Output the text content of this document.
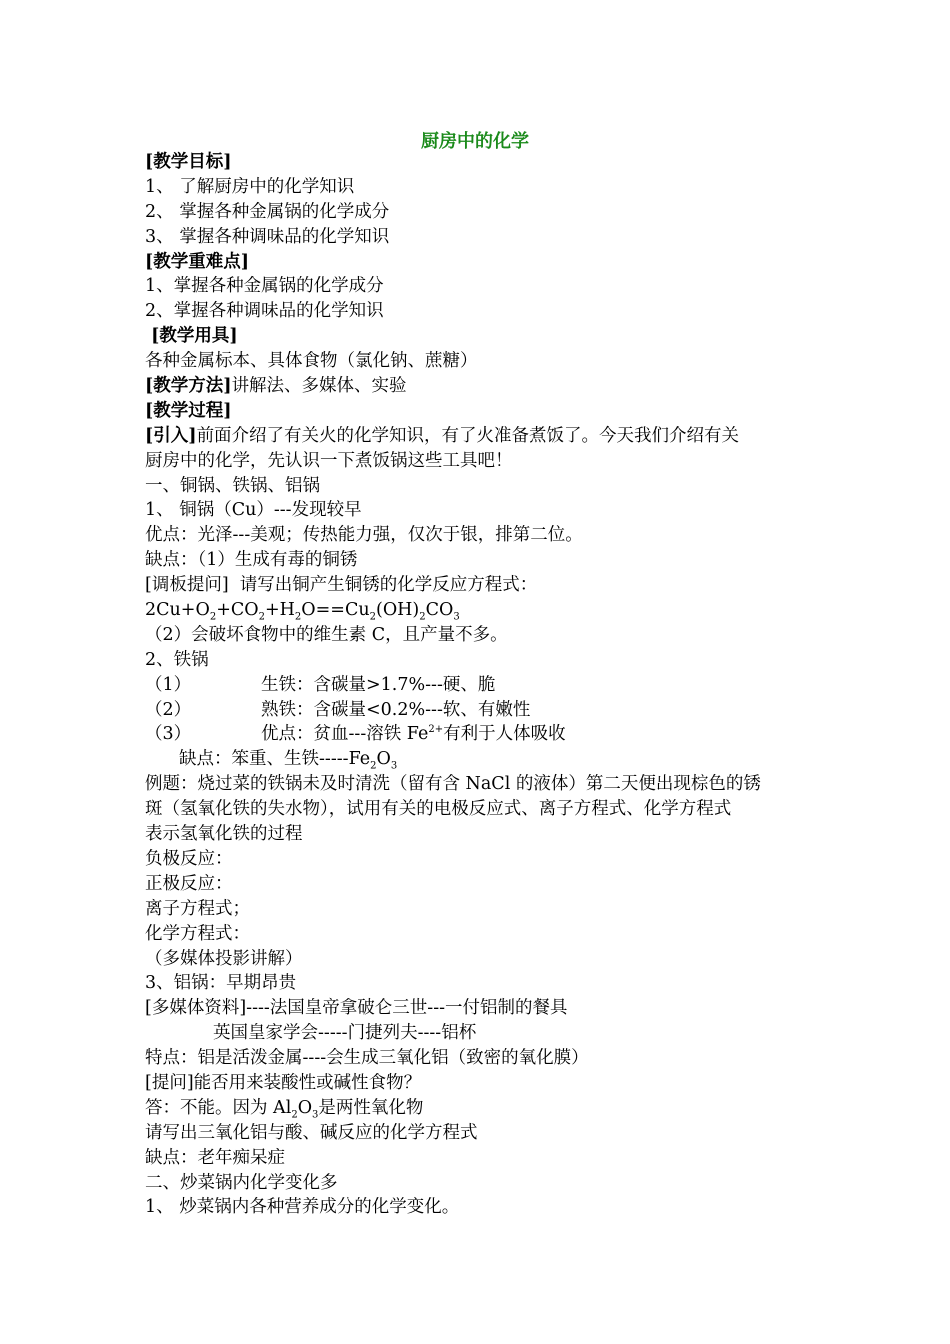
厨房中的化学
[教学目标]
1、 了解厨房中的化学知识
2、 掌握各种金属锅的化学成分
3、 掌握各种调味品的化学知识
[教学重难点]
1、掌握各种金属锅的化学成分
2、掌握各种调味品的化学知识
[教学用具]
各种金属标本、具体食物（氯化钠、蔗糖）
[教学方法]讲解法、多媒体、实验
[教学过程]
[引入]前面介绍了有关火的化学知识，有了火准备煮饭了。今天我们介绍有关
厨房中的化学，先认识一下煮饭锅这些工具吧！
一、铜锅、铁锅、铝锅
1、 铜锅（Cu）---发现较早
优点：光泽---美观；传热能力强，仅次于银，排第二位。
缺点：（1）生成有毒的铜锈
[调板提问]  请写出铜产生铜锈的化学反应方程式：
$2Cu+O_2+CO_2+H_2O==Cu_2(OH)_2CO_3$
（2）会破坏食物中的维生素 C，且产量不多。
2、铁锅
（1）	生铁：含碳量>1.7%---硬、脆
（2）	熟铁：含碳量<0.2%---软、有嫩性
（3）	优点：贫血---溶铁 $Fe^{2+}$有利于人体吸收
缺点：笨重、生铁$-----Fe_2O_3$
例题：烧过菜的铁锅未及时清洗（留有含 NaCl 的液体）第二天便出现棕色的锈
斑（氢氧化铁的失水物），试用有关的电极反应式、离子方程式、化学方程式
表示氢氧化铁的过程
负极反应：
正极反应：
离子方程式；
化学方程式：
（多媒体投影讲解）
3、铝锅：早期昂贵
[多媒体资料]----法国皇帝拿破仑三世---一付铝制的餐具
英国皇家学会-----门捷列夫----铝杯
特点：铝是活泼金属----会生成三氧化铝（致密的氧化膜）
[提问]能否用来装酸性或碱性食物？
答：不能。因为 $Al_2O_3$是两性氧化物
请写出三氧化铝与酸、碱反应的化学方程式
缺点：老年痴呆症
二、炒菜锅内化学变化多
1、 炒菜锅内各种营养成分的化学变化。
